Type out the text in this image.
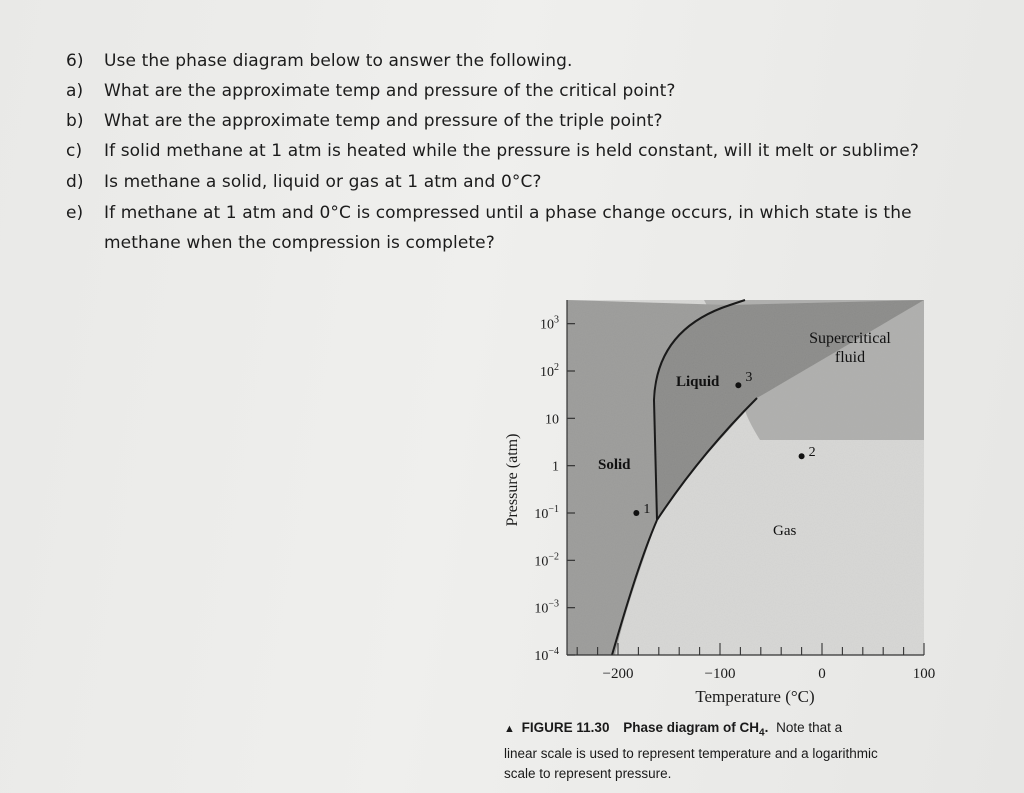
6)	Use the phase diagram below to answer the following.
a)	What are the approximate temp and pressure of the critical point?
b)	What are the approximate temp and pressure of the triple point?
c)	If solid methane at 1 atm is heated while the pressure is held constant, will it melt or sublime?
d)	Is methane a solid, liquid or gas at 1 atm and 0°C?
e)	If methane at 1 atm and 0°C is compressed until a phase change occurs, in which state is the
methane when the compression is complete?
$10^3$
$10^2$
10
1
$10^{-1}$
$10^{-2}$
$10^{-3}$
$10^{-4}$
−200	−100	0	100
Pressure (atm)
Temperature (°C)
Solid
Liquid
Gas
Supercritical
fluid
1
2
3
▲ FIGURE 11.30 Phase diagram of $CH_4$. Note that a
linear scale is used to represent temperature and a logarithmic
scale to represent pressure.
